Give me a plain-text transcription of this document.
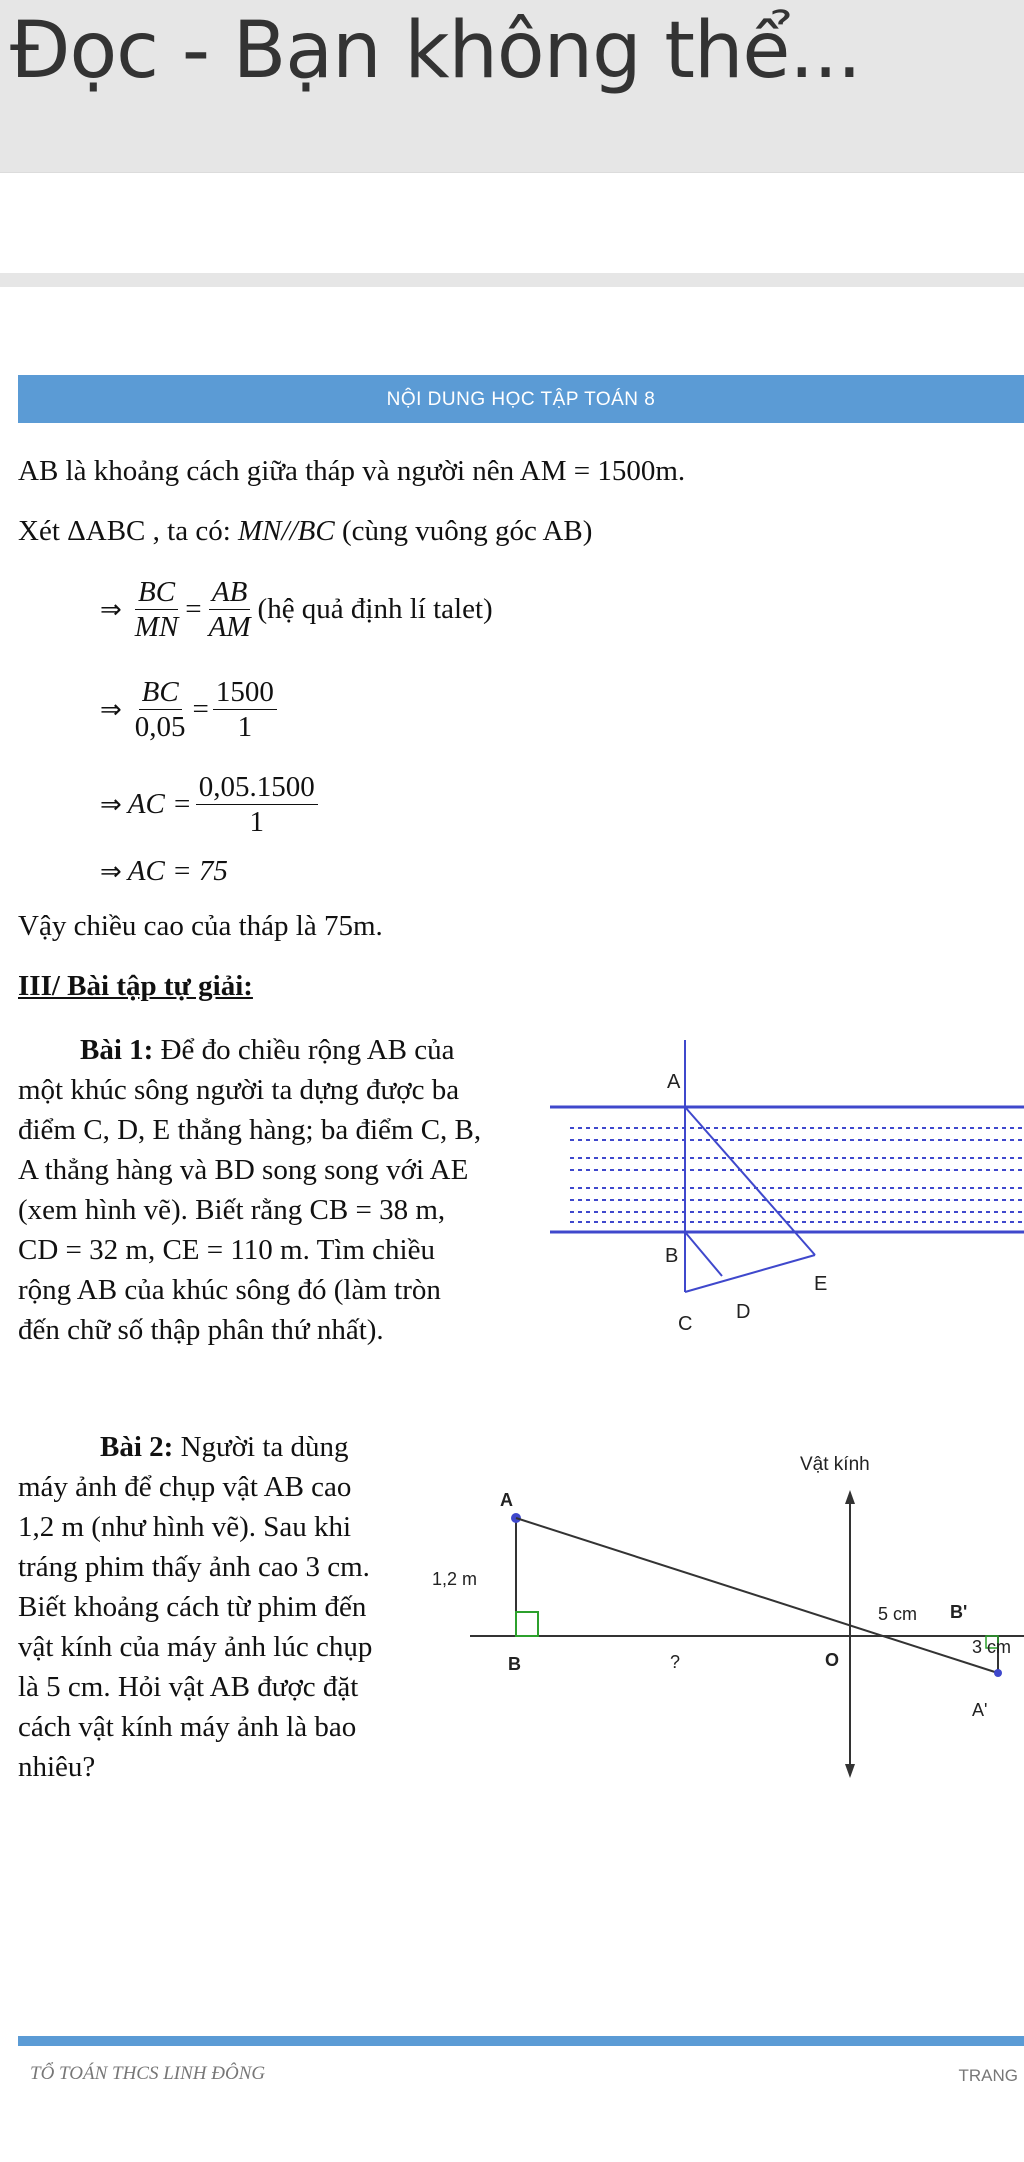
Đọc - Bạn không thể...
NỘI DUNG HỌC TẬP TOÁN 8
AB là khoảng cách giữa tháp và người nên AM = 1500m.
Xét ΔABC , ta có: MN//BC (cùng vuông góc AB)
⇒ $\frac{BC}{MN} = \frac{AB}{AM}$ (hệ quả định lí talet)
⇒ $\frac{BC}{0,05} = \frac{1500}{1}$
⇒ AC = $\frac{0,05.1500}{1}$
⇒ AC = 75
Vậy chiều cao của tháp là 75m.
III/ Bài tập tự giải:
Bài 1: Để đo chiều rộng AB của
một khúc sông người ta dựng được ba
điểm C, D, E thẳng hàng; ba điểm C, B,
A thẳng hàng và BD song song với AE
(xem hình vẽ). Biết rằng CB = 38 m,
CD = 32 m, CE = 110 m. Tìm chiều
rộng AB của khúc sông đó (làm tròn
đến chữ số thập phân thứ nhất).
A
B
C
D
E
Bài 2: Người ta dùng
máy ảnh để chụp vật AB cao
1,2 m (như hình vẽ). Sau khi
tráng phim thấy ảnh cao 3 cm.
Biết khoảng cách từ phim đến
vật kính của máy ảnh lúc chụp
là 5 cm. Hỏi vật AB được đặt
cách vật kính máy ảnh là bao
nhiêu?
Vật kính
A
1,2 m
B	?	O
5 cm B'
A'
3 cm
TỔ TOÁN THCS LINH ĐÔNG	TRANG
